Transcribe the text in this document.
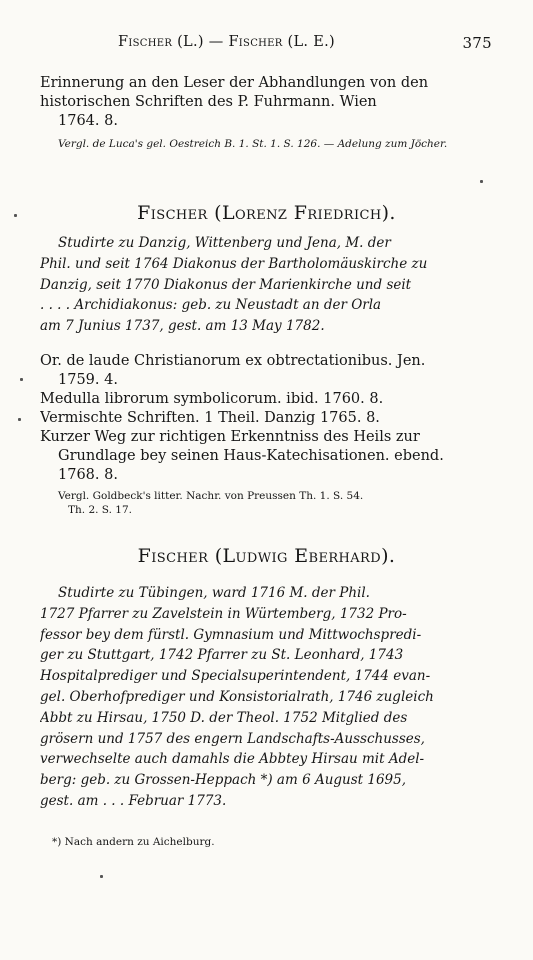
Fischer (L.) — Fischer (L. E.)	375
Erinnerung an den Leser der Abhandlungen von den
historischen Schriften des P. Fuhrmann. Wien
1764. 8.
Vergl. de Luca's gel. Oestreich B. 1. St. 1. S. 126. — Adelung zum Jöcher.
Fischer (Lorenz Friedrich).
Studirte zu Danzig, Wittenberg und Jena, M. der
Phil. und seit 1764 Diakonus der Bartholomäuskirche zu
Danzig, seit 1770 Diakonus der Marienkirche und seit
. . . . Archidiakonus: geb. zu Neustadt an der Orla
am 7 Junius 1737, gest. am 13 May 1782.
Or. de laude Christianorum ex obtrectationibus. Jen.
1759. 4.
Medulla librorum symbolicorum. ibid. 1760. 8.
Vermischte Schriften. 1 Theil. Danzig 1765. 8.
Kurzer Weg zur richtigen Erkenntniss des Heils zur
Grundlage bey seinen Haus-Katechisationen. ebend.
1768. 8.
Vergl. Goldbeck's litter. Nachr. von Preussen Th. 1. S. 54.
Th. 2. S. 17.
Fischer (Ludwig Eberhard).
Studirte zu Tübingen, ward 1716 M. der Phil.
1727 Pfarrer zu Zavelstein in Würtemberg, 1732 Pro-
fessor bey dem fürstl. Gymnasium und Mittwochspredi-
ger zu Stuttgart, 1742 Pfarrer zu St. Leonhard, 1743
Hospitalprediger und Specialsuperintendent, 1744 evan-
gel. Oberhofprediger und Konsistorialrath, 1746 zugleich
Abbt zu Hirsau, 1750 D. der Theol. 1752 Mitglied des
grösern und 1757 des engern Landschafts-Ausschusses,
verwechselte auch damahls die Abbtey Hirsau mit Adel-
berg: geb. zu Grossen-Heppach *) am 6 August 1695,
gest. am . . . Februar 1773.
*) Nach andern zu Aichelburg.
